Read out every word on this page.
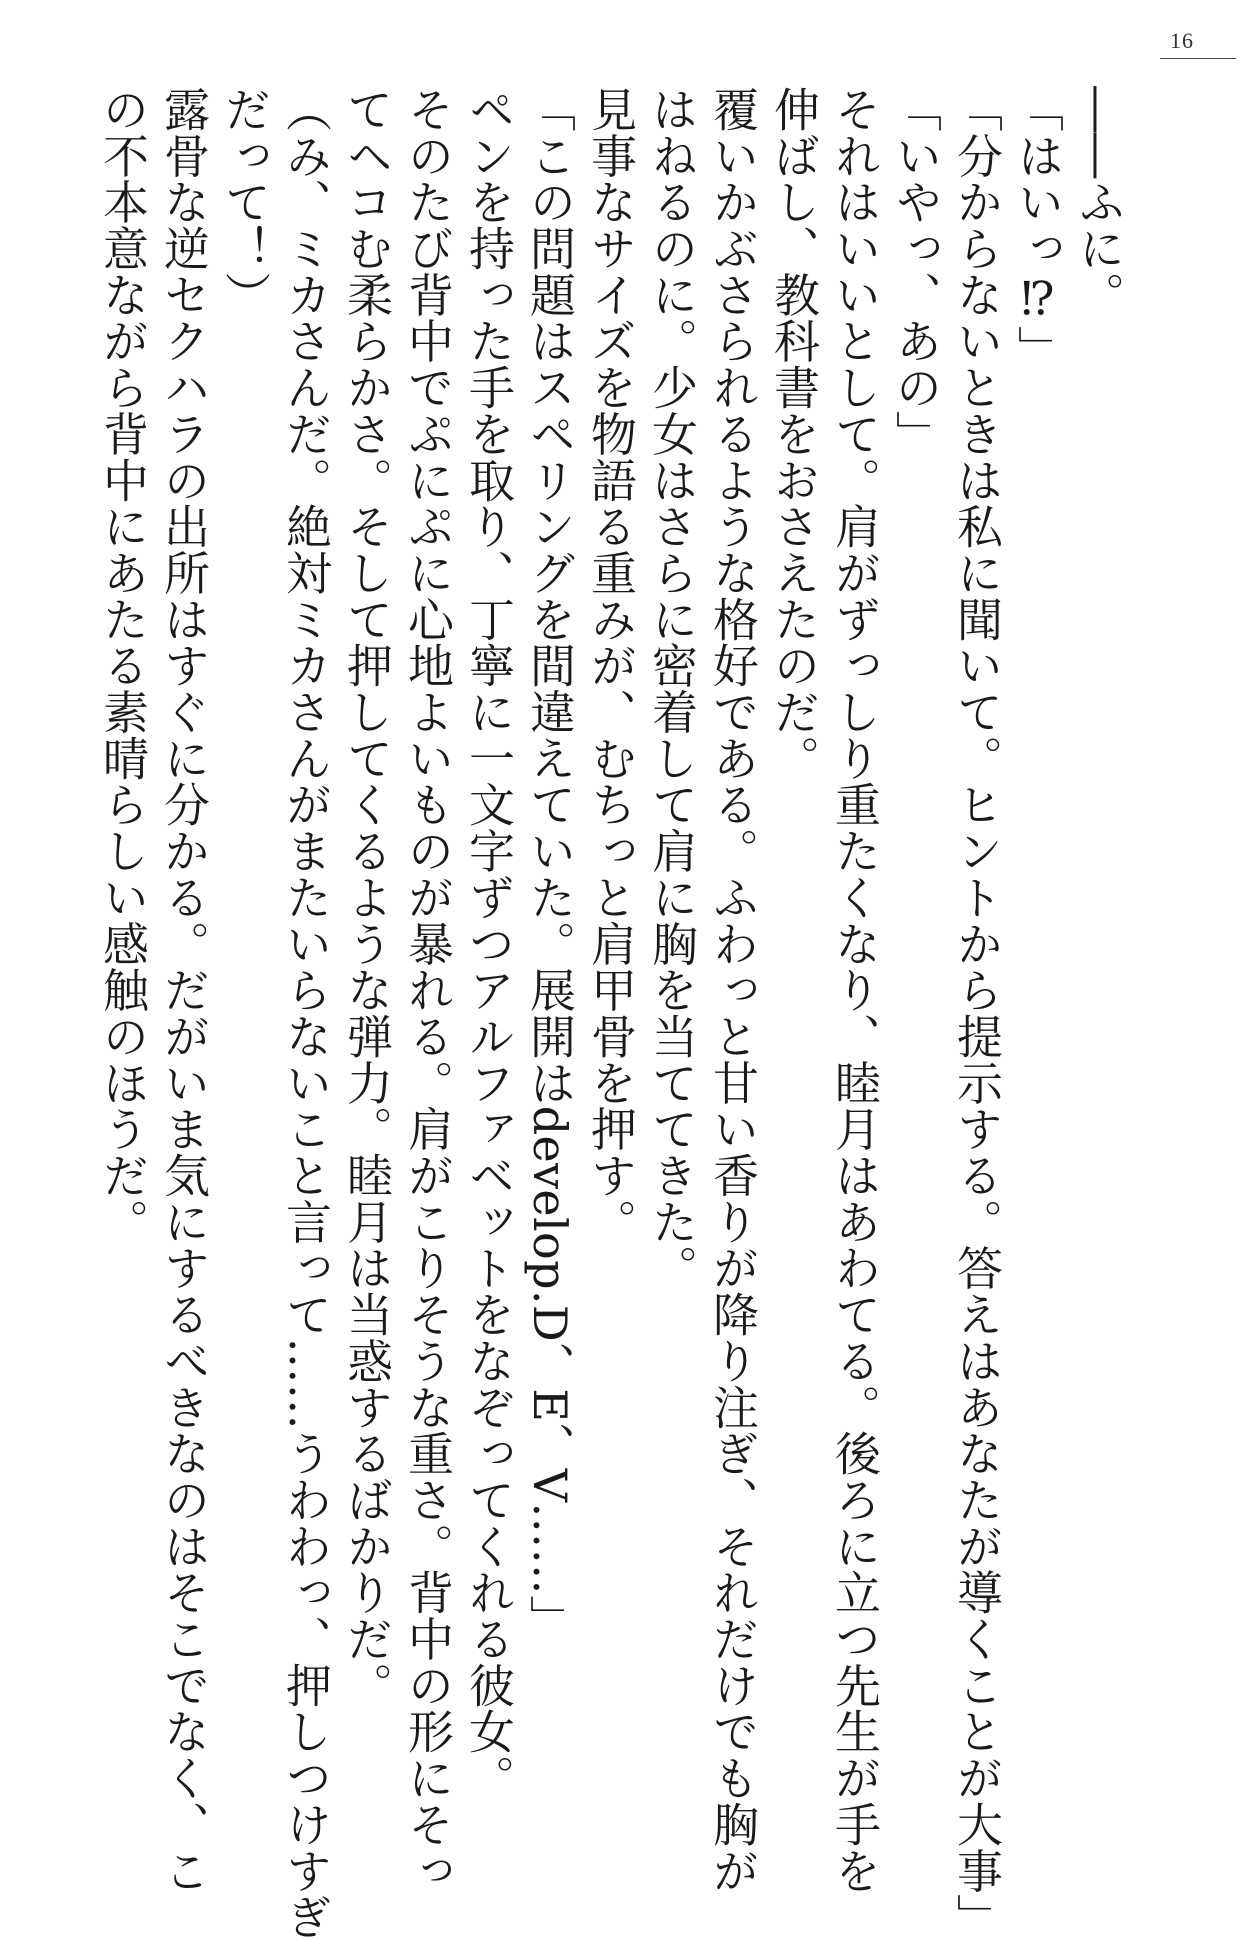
16
――ふに。
「はいっ⁉」
「分からないときは私に聞いて。ヒントから提示する。答えはあなたが導くことが大事」
「いやっ、あの」
それはいいとして。肩がずっしり重たくなり、睦月はあわてる。後ろに立つ先生が手を
伸ばし、教科書をおさえたのだ。
覆いかぶさられるような格好である。ふわっと甘い香りが降り注ぎ、それだけでも胸が
はねるのに。少女はさらに密着して肩に胸を当ててきた。
見事なサイズを物語る重みが、むちっと肩甲骨を押す。
「この問題はスペリングを間違えていた。展開はdevelop.D、E、V……」
ペンを持った手を取り、丁寧に一文字ずつアルファベットをなぞってくれる彼女。
そのたび背中でぷにぷに心地よいものが暴れる。肩がこりそうな重さ。背中の形にそっ
てヘコむ柔らかさ。そして押してくるような弾力。睦月は当惑するばかりだ。
（み、ミカさんだ。絶対ミカさんがまたいらないこと言って……うわわっ、押しつけすぎ
だって！）
露骨な逆セクハラの出所はすぐに分かる。だがいま気にするべきなのはそこでなく、こ
の不本意ながら背中にあたる素晴らしい感触のほうだ。
